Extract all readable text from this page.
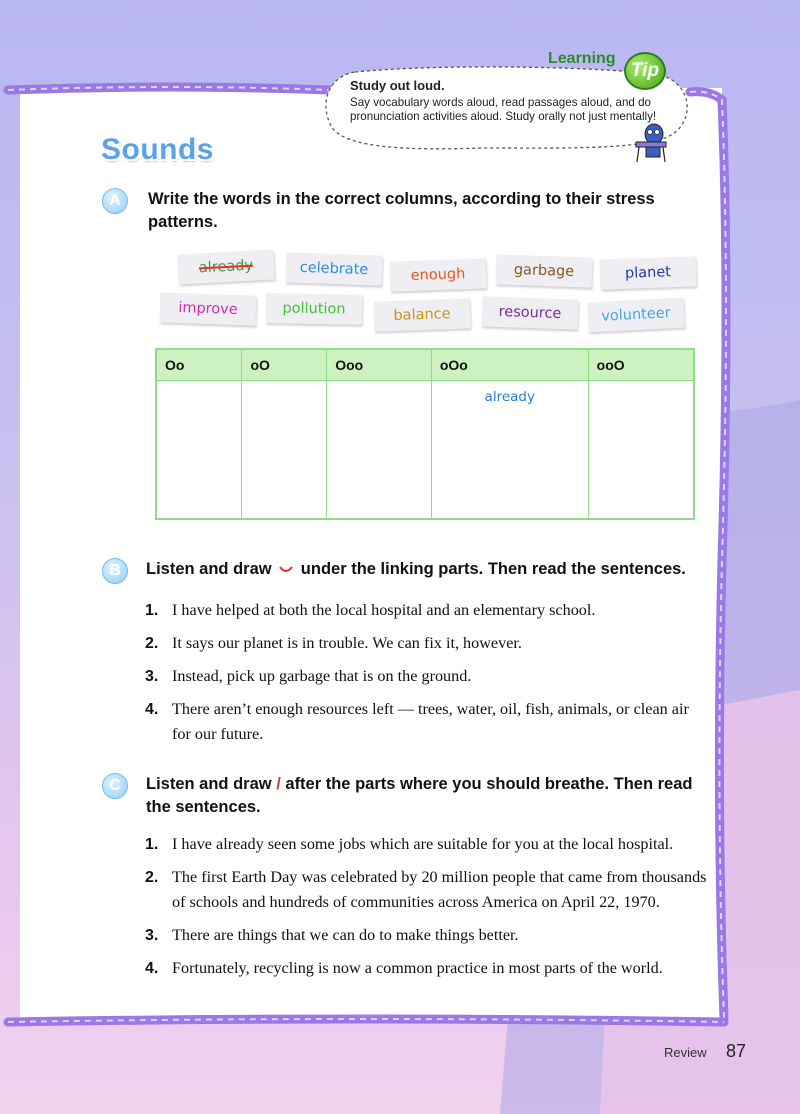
Learning
Tip
Study out loud.
Say vocabulary words aloud, read passages aloud, and do pronunciation activities aloud. Study orally not just mentally!
Sounds
A	Write the words in the correct columns, according to their stress patterns.
already	celebrate	enough	garbage	planet
improve	pollution	balance	resource	volunteer
Oo	oO	Ooo	oOo	ooO
			already	
B	Listen and draw under the linking parts. Then read the sentences.
1. I have helped at both the local hospital and an elementary school.
2. It says our planet is in trouble. We can fix it, however.
3. Instead, pick up garbage that is on the ground.
4. There aren’t enough resources left — trees, water, oil, fish, animals, or clean air for our future.
C	Listen and draw / after the parts where you should breathe. Then read the sentences.
1. I have already seen some jobs which are suitable for you at the local hospital.
2. The first Earth Day was celebrated by 20 million people that came from thousands of schools and hundreds of communities across America on April 22, 1970.
3. There are things that we can do to make things better.
4. Fortunately, recycling is now a common practice in most parts of the world.
Review 87
